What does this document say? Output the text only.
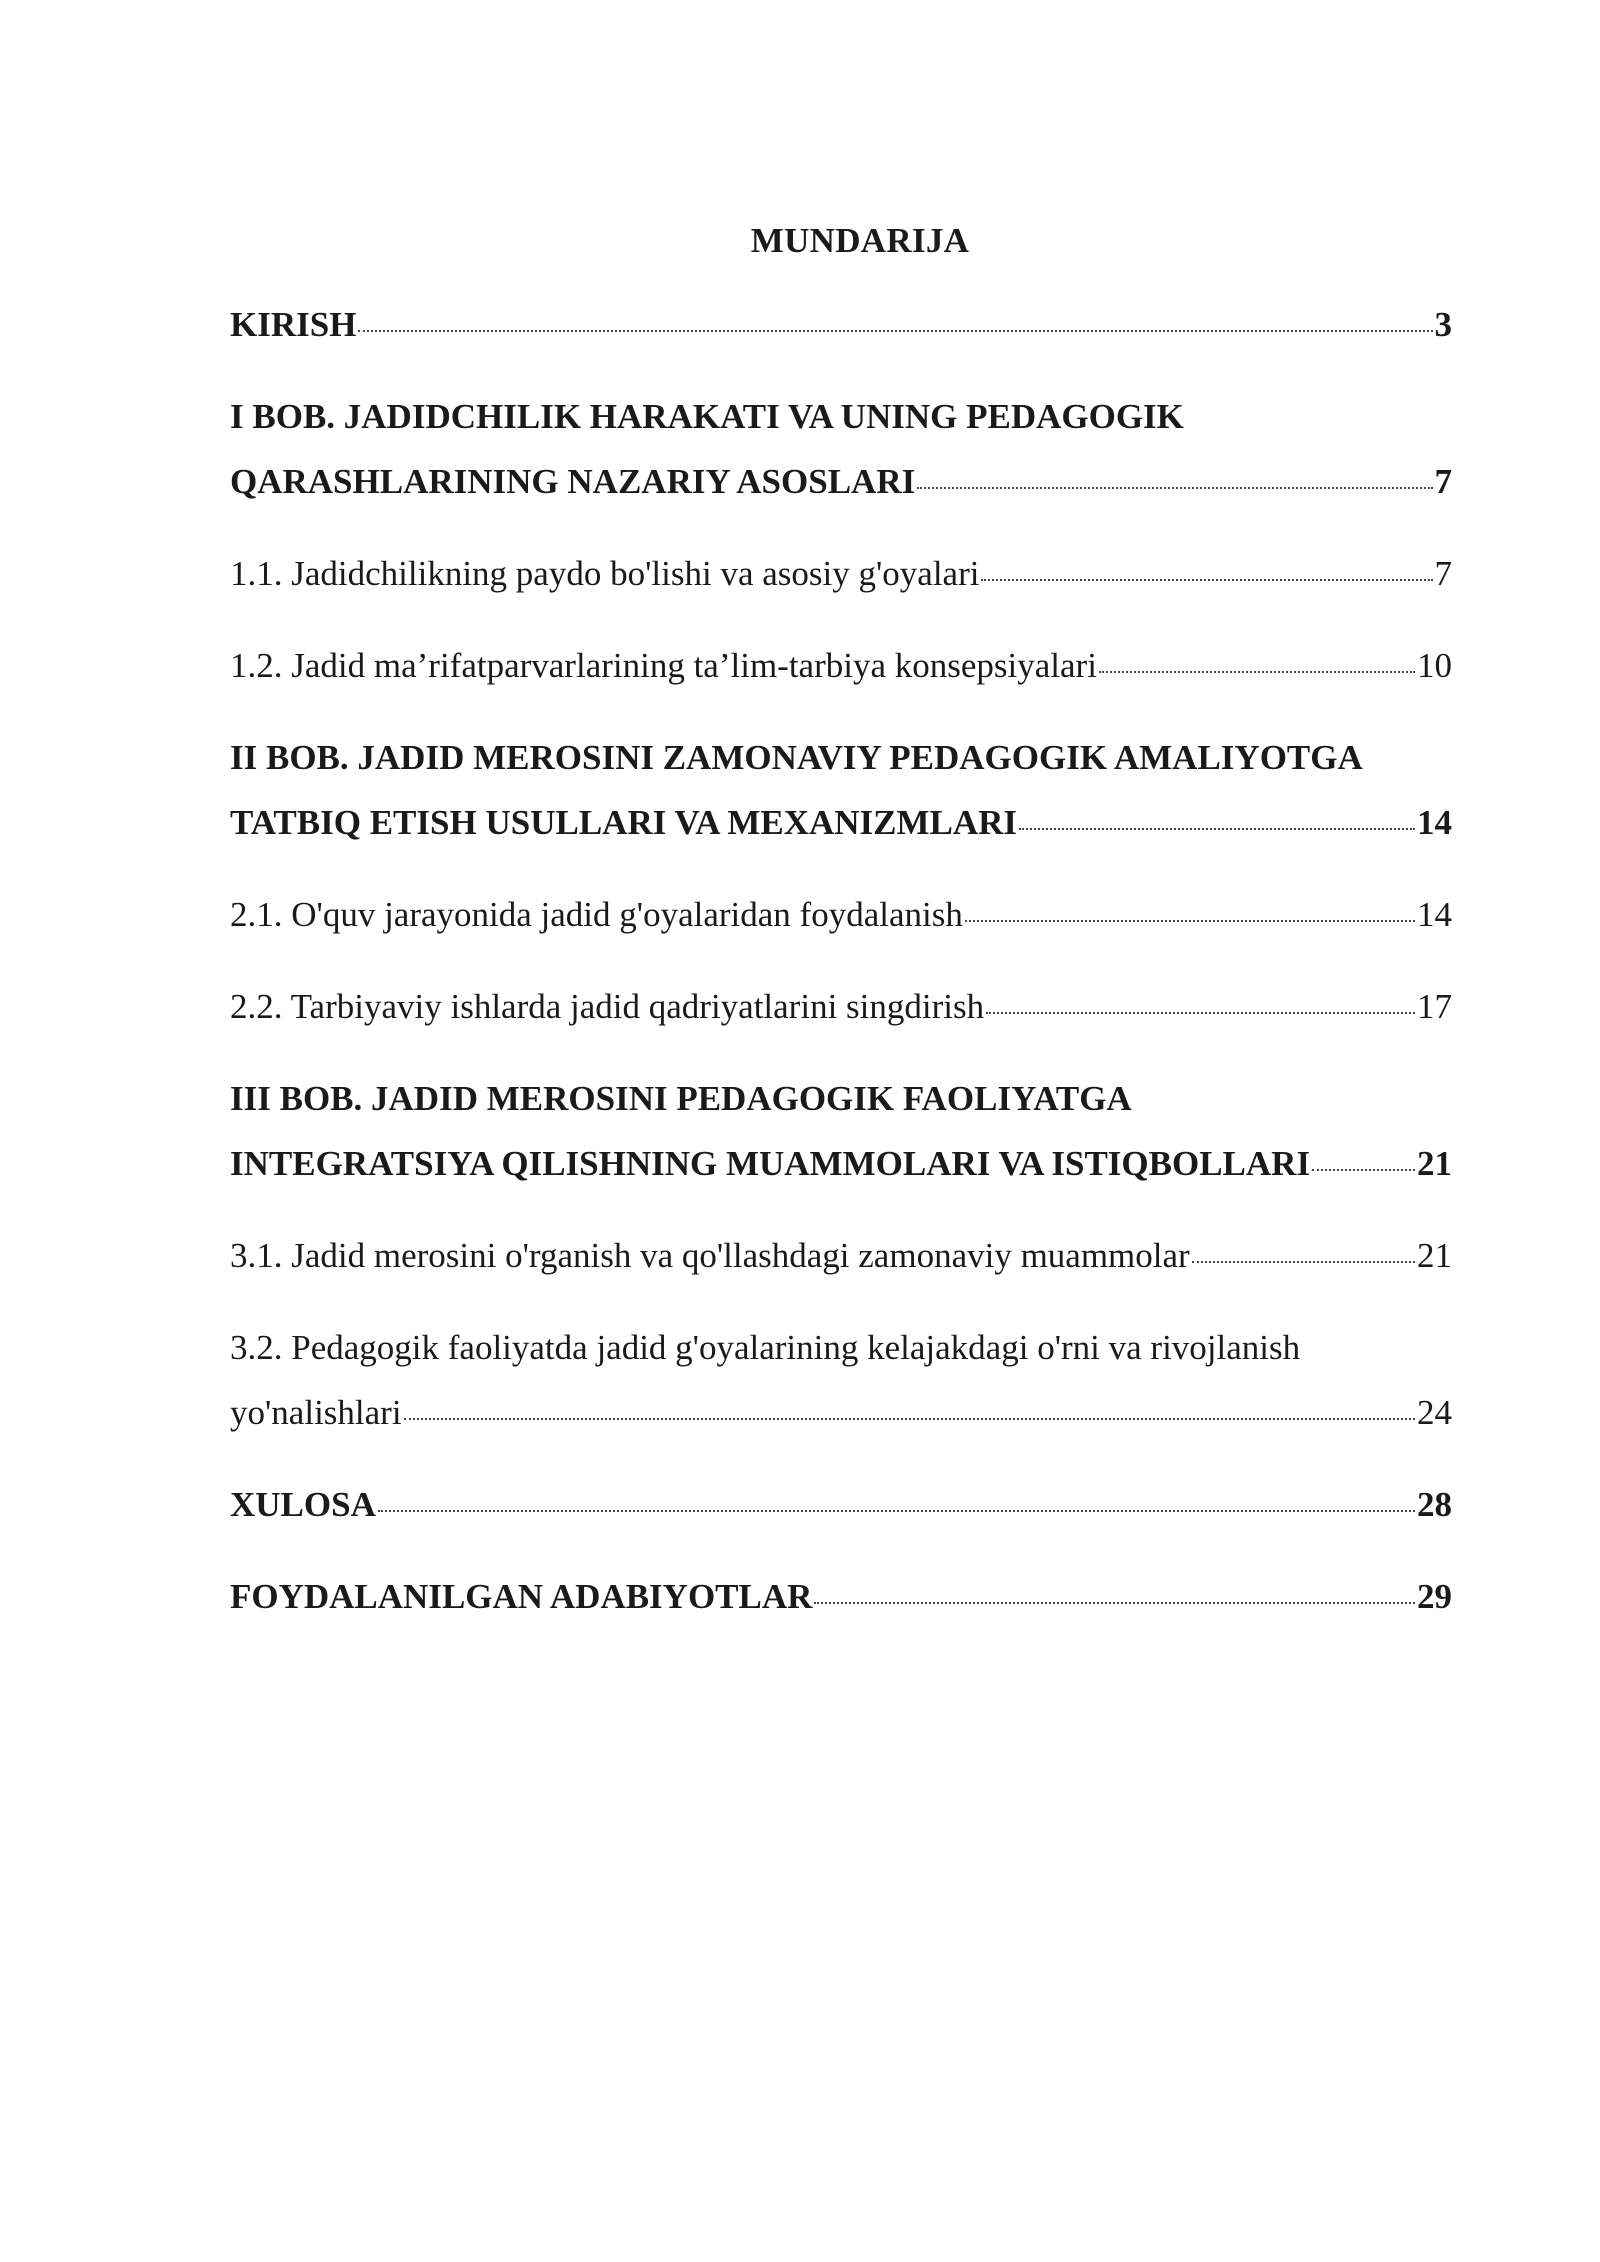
MUNDARIJA
KIRISH	3
I BOB. JADIDCHILIK HARAKATI VA UNING PEDAGOGIK
QARASHLARINING NAZARIY ASOSLARI	7
1.1. Jadidchilikning paydo bo'lishi va asosiy g'oyalari	7
1.2. Jadid ma’rifatparvarlarining ta’lim-tarbiya konsepsiyalari	10
II BOB. JADID MEROSINI ZAMONAVIY PEDAGOGIK AMALIYOTGA
TATBIQ ETISH USULLARI VA MEXANIZMLARI	14
2.1. O'quv jarayonida jadid g'oyalaridan foydalanish	14
2.2. Tarbiyaviy ishlarda jadid qadriyatlarini singdirish	17
III BOB. JADID MEROSINI PEDAGOGIK FAOLIYATGA
INTEGRATSIYA QILISHNING MUAMMOLARI VA ISTIQBOLLARI	21
3.1. Jadid merosini o'rganish va qo'llashdagi zamonaviy muammolar	21
3.2. Pedagogik faoliyatda jadid g'oyalarining kelajakdagi o'rni va rivojlanish
yo'nalishlari	24
XULOSA	28
FOYDALANILGAN ADABIYOTLAR	29
